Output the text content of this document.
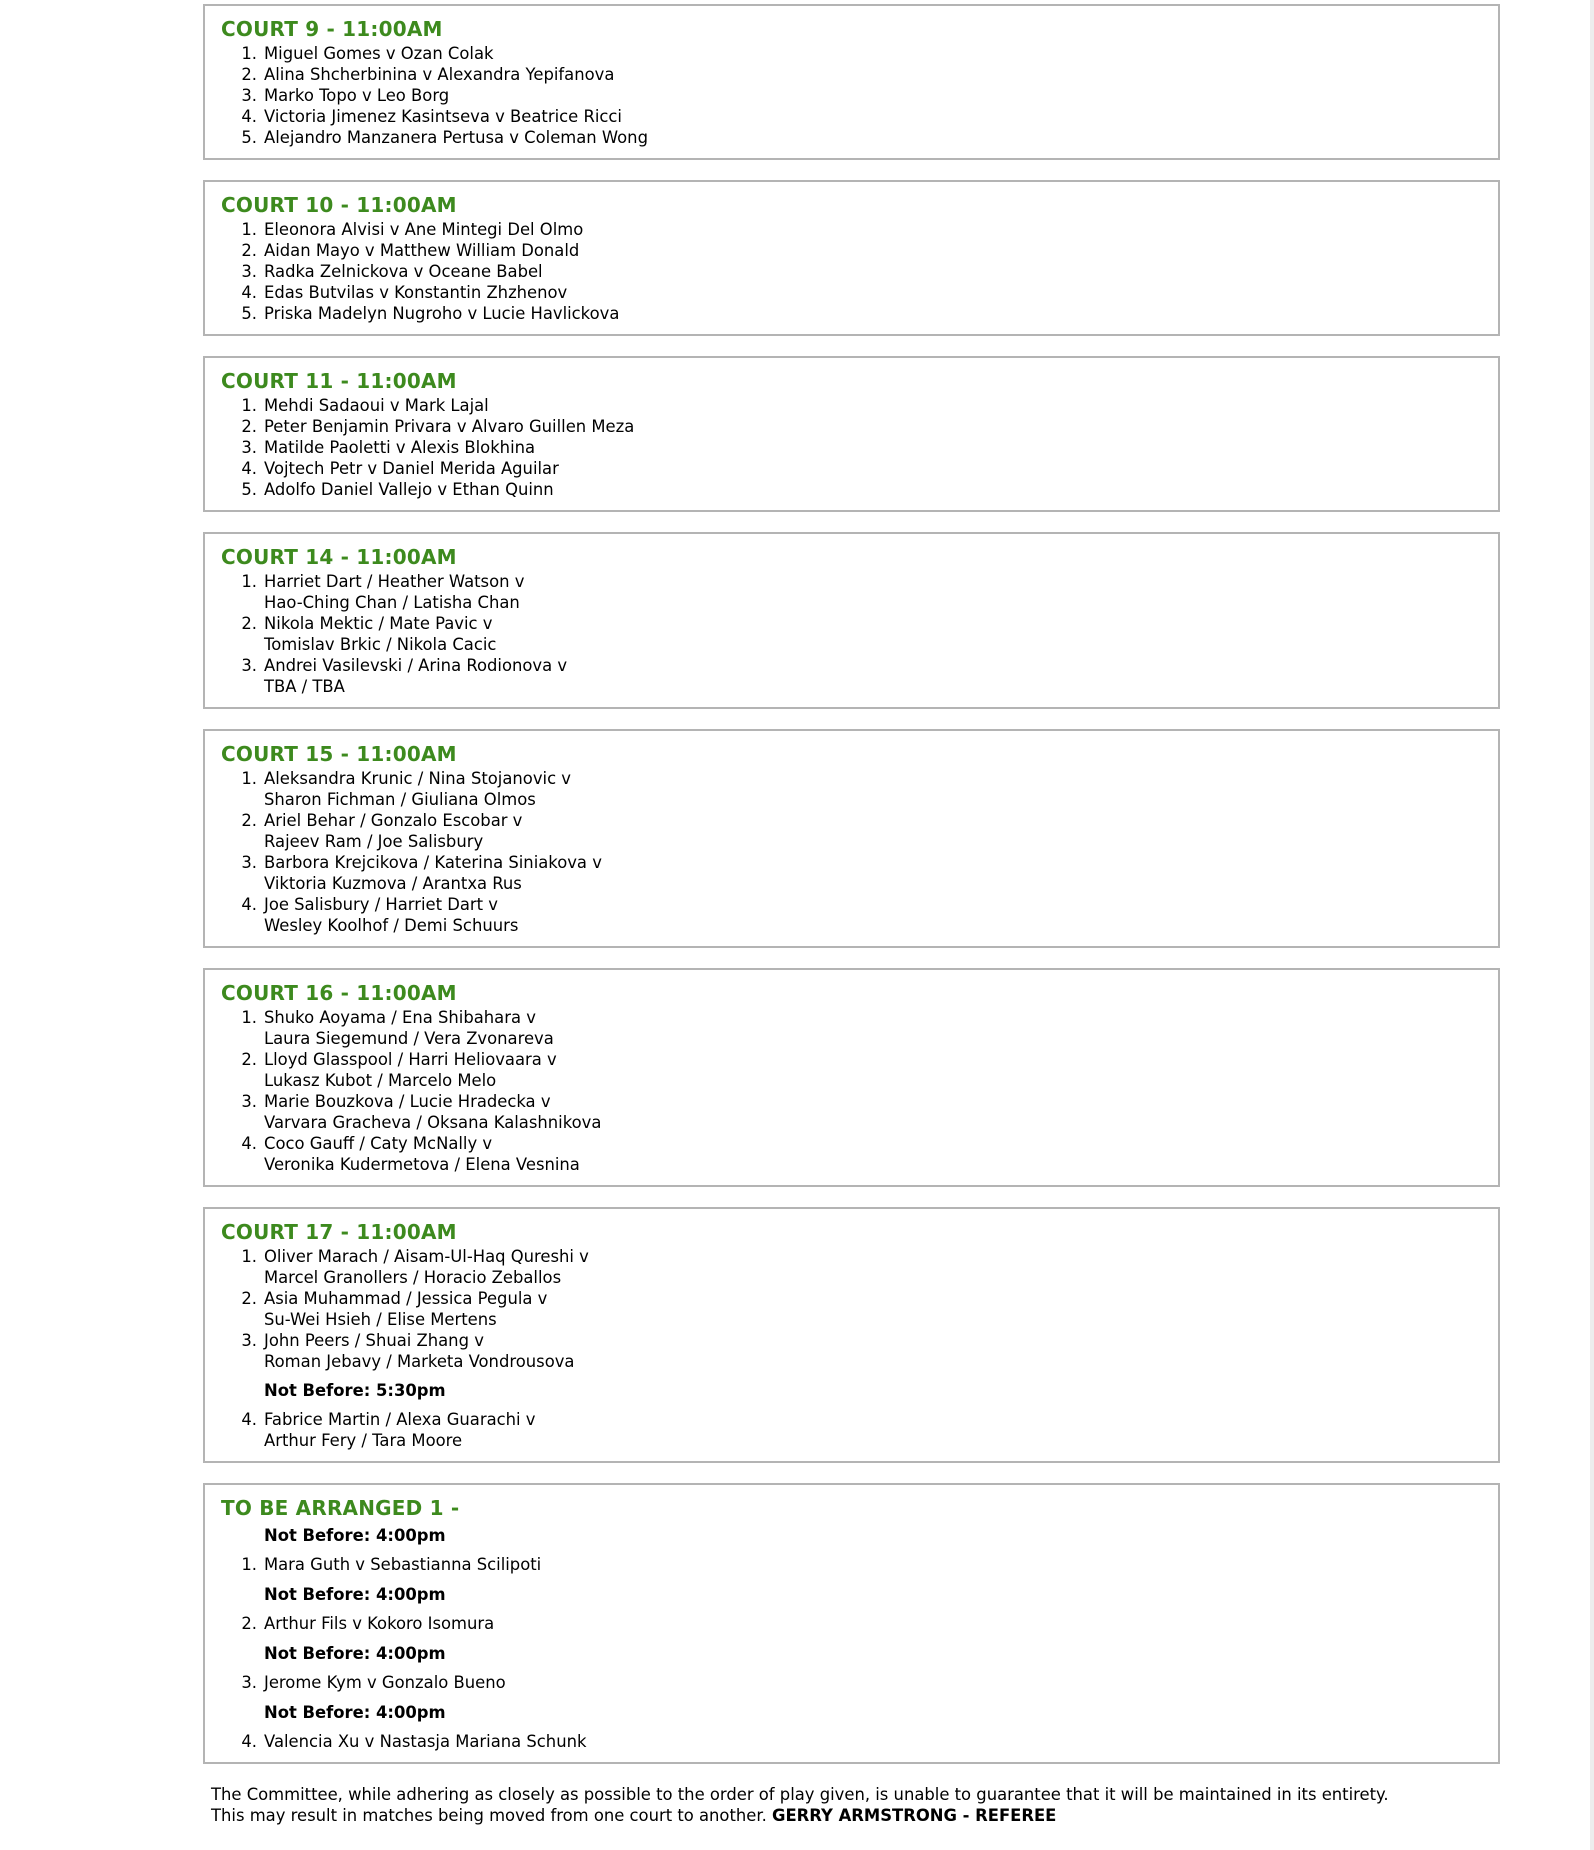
COURT 9 - 11:00AM
1. Miguel Gomes v Ozan Colak
2. Alina Shcherbinina v Alexandra Yepifanova
3. Marko Topo v Leo Borg
4. Victoria Jimenez Kasintseva v Beatrice Ricci
5. Alejandro Manzanera Pertusa v Coleman Wong
COURT 10 - 11:00AM
1. Eleonora Alvisi v Ane Mintegi Del Olmo
2. Aidan Mayo v Matthew William Donald
3. Radka Zelnickova v Oceane Babel
4. Edas Butvilas v Konstantin Zhzhenov
5. Priska Madelyn Nugroho v Lucie Havlickova
COURT 11 - 11:00AM
1. Mehdi Sadaoui v Mark Lajal
2. Peter Benjamin Privara v Alvaro Guillen Meza
3. Matilde Paoletti v Alexis Blokhina
4. Vojtech Petr v Daniel Merida Aguilar
5. Adolfo Daniel Vallejo v Ethan Quinn
COURT 14 - 11:00AM
1. Harriet Dart / Heather Watson v
Hao-Ching Chan / Latisha Chan
2. Nikola Mektic / Mate Pavic v
Tomislav Brkic / Nikola Cacic
3. Andrei Vasilevski / Arina Rodionova v
TBA / TBA
COURT 15 - 11:00AM
1. Aleksandra Krunic / Nina Stojanovic v
Sharon Fichman / Giuliana Olmos
2. Ariel Behar / Gonzalo Escobar v
Rajeev Ram / Joe Salisbury
3. Barbora Krejcikova / Katerina Siniakova v
Viktoria Kuzmova / Arantxa Rus
4. Joe Salisbury / Harriet Dart v
Wesley Koolhof / Demi Schuurs
COURT 16 - 11:00AM
1. Shuko Aoyama / Ena Shibahara v
Laura Siegemund / Vera Zvonareva
2. Lloyd Glasspool / Harri Heliovaara v
Lukasz Kubot / Marcelo Melo
3. Marie Bouzkova / Lucie Hradecka v
Varvara Gracheva / Oksana Kalashnikova
4. Coco Gauff / Caty McNally v
Veronika Kudermetova / Elena Vesnina
COURT 17 - 11:00AM
1. Oliver Marach / Aisam-Ul-Haq Qureshi v
Marcel Granollers / Horacio Zeballos
2. Asia Muhammad / Jessica Pegula v
Su-Wei Hsieh / Elise Mertens
3. John Peers / Shuai Zhang v
Roman Jebavy / Marketa Vondrousova
Not Before: 5:30pm
4. Fabrice Martin / Alexa Guarachi v
Arthur Fery / Tara Moore
TO BE ARRANGED 1 -
Not Before: 4:00pm
1. Mara Guth v Sebastianna Scilipoti
Not Before: 4:00pm
2. Arthur Fils v Kokoro Isomura
Not Before: 4:00pm
3. Jerome Kym v Gonzalo Bueno
Not Before: 4:00pm
4. Valencia Xu v Nastasja Mariana Schunk
The Committee, while adhering as closely as possible to the order of play given, is unable to guarantee that it will be maintained in its entirety.
This may result in matches being moved from one court to another. GERRY ARMSTRONG - REFEREE
